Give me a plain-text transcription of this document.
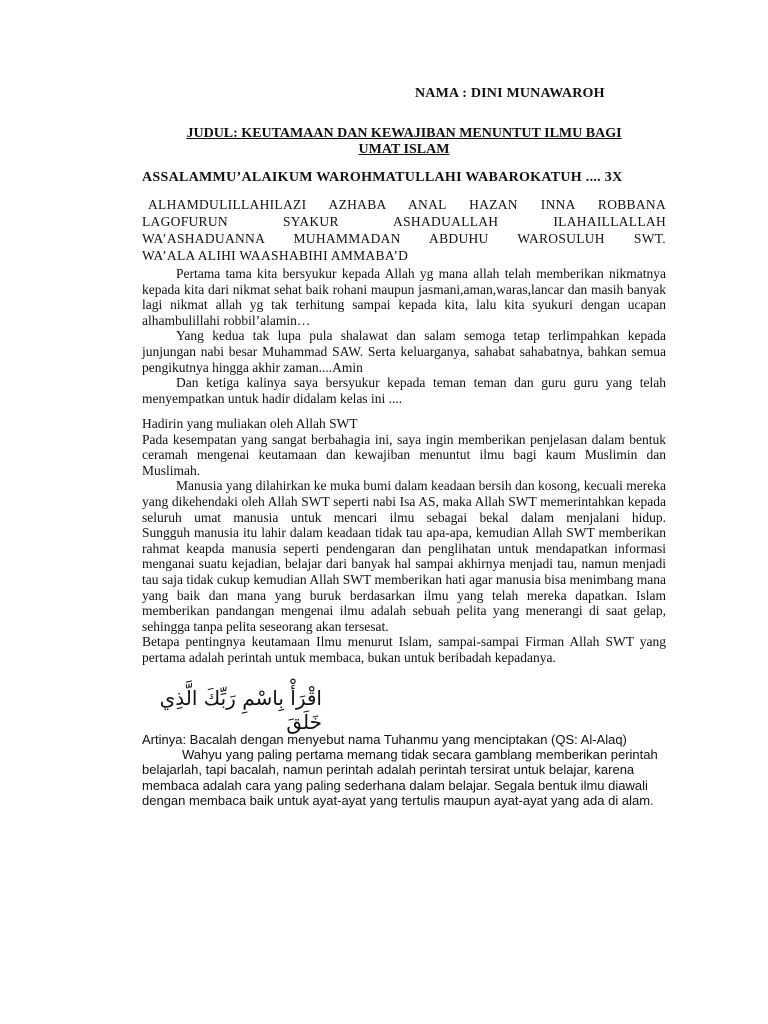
NAMA : DINI MUNAWAROH
JUDUL: KEUTAMAAN DAN KEWAJIBAN MENUNTUT ILMU BAGI
UMAT ISLAM
ASSALAMMU’ALAIKUM WAROHMATULLAHI WABAROKATUH .... 3X
ALHAMDULILLAHILAZI AZHABA ANAL HAZAN INNA ROBBANA
LAGOFURUN SYAKUR ASHADUALLAH ILAHAILLALLAH
WA’ASHADUANNA MUHAMMADAN ABDUHU WAROSULUH SWT.
WA’ALA ALIHI WAASHABIHI AMMABA’D

Pertama tama kita bersyukur kepada Allah yg mana allah telah memberikan nikmatnya kepada kita dari nikmat sehat baik rohani maupun jasmani,aman,waras,lancar dan masih banyak lagi nikmat allah yg tak terhitung sampai kepada kita, lalu kita syukuri dengan ucapan alhambulillahi robbil’alamin…

Yang kedua tak lupa pula shalawat dan salam semoga tetap terlimpahkan kepada junjungan nabi besar Muhammad SAW. Serta keluarganya, sahabat sahabatnya, bahkan semua pengikutnya hingga akhir zaman....Amin

Dan ketiga kalinya saya bersyukur kepada teman teman dan guru guru yang telah menyempatkan untuk hadir didalam kelas ini ....

Hadirin yang muliakan oleh Allah SWT

Pada kesempatan yang sangat berbahagia ini, saya ingin memberikan penjelasan dalam bentuk ceramah mengenai keutamaan dan kewajiban menuntut ilmu bagi kaum Muslimin dan Muslimah.

Manusia yang dilahirkan ke muka bumi dalam keadaan bersih dan kosong, kecuali mereka yang dikehendaki oleh Allah SWT seperti nabi Isa AS, maka Allah SWT memerintahkan kepada seluruh umat manusia untuk mencari ilmu sebagai bekal dalam menjalani hidup.

Sungguh manusia itu lahir dalam keadaan tidak tau apa-apa, kemudian Allah SWT memberikan rahmat keapda manusia seperti pendengaran dan penglihatan untuk mendapatkan informasi menganai suatu kejadian, belajar dari banyak hal sampai akhirnya menjadi tau, namun menjadi tau saja tidak cukup kemudian Allah SWT memberikan hati agar manusia bisa menimbang mana yang baik dan mana yang buruk berdasarkan ilmu yang telah mereka dapatkan. Islam memberikan pandangan mengenai ilmu adalah sebuah pelita yang menerangi di saat gelap, sehingga tanpa pelita seseorang akan tersesat.

Betapa pentingnya keutamaan Ilmu menurut Islam, sampai-sampai Firman Allah SWT yang pertama adalah perintah untuk membaca, bukan untuk beribadah kepadanya.

اقْرَأْ بِاسْمِ رَبِّكَ الَّذِي خَلَقَ

Artinya: Bacalah dengan menyebut nama Tuhanmu yang menciptakan (QS: Al-Alaq)

Wahyu yang paling pertama memang tidak secara gamblang memberikan perintah belajarlah, tapi bacalah, namun perintah adalah perintah tersirat untuk belajar, karena membaca adalah cara yang paling sederhana dalam belajar. Segala bentuk ilmu diawali dengan membaca baik untuk ayat-ayat yang tertulis maupun ayat-ayat yang ada di alam.
